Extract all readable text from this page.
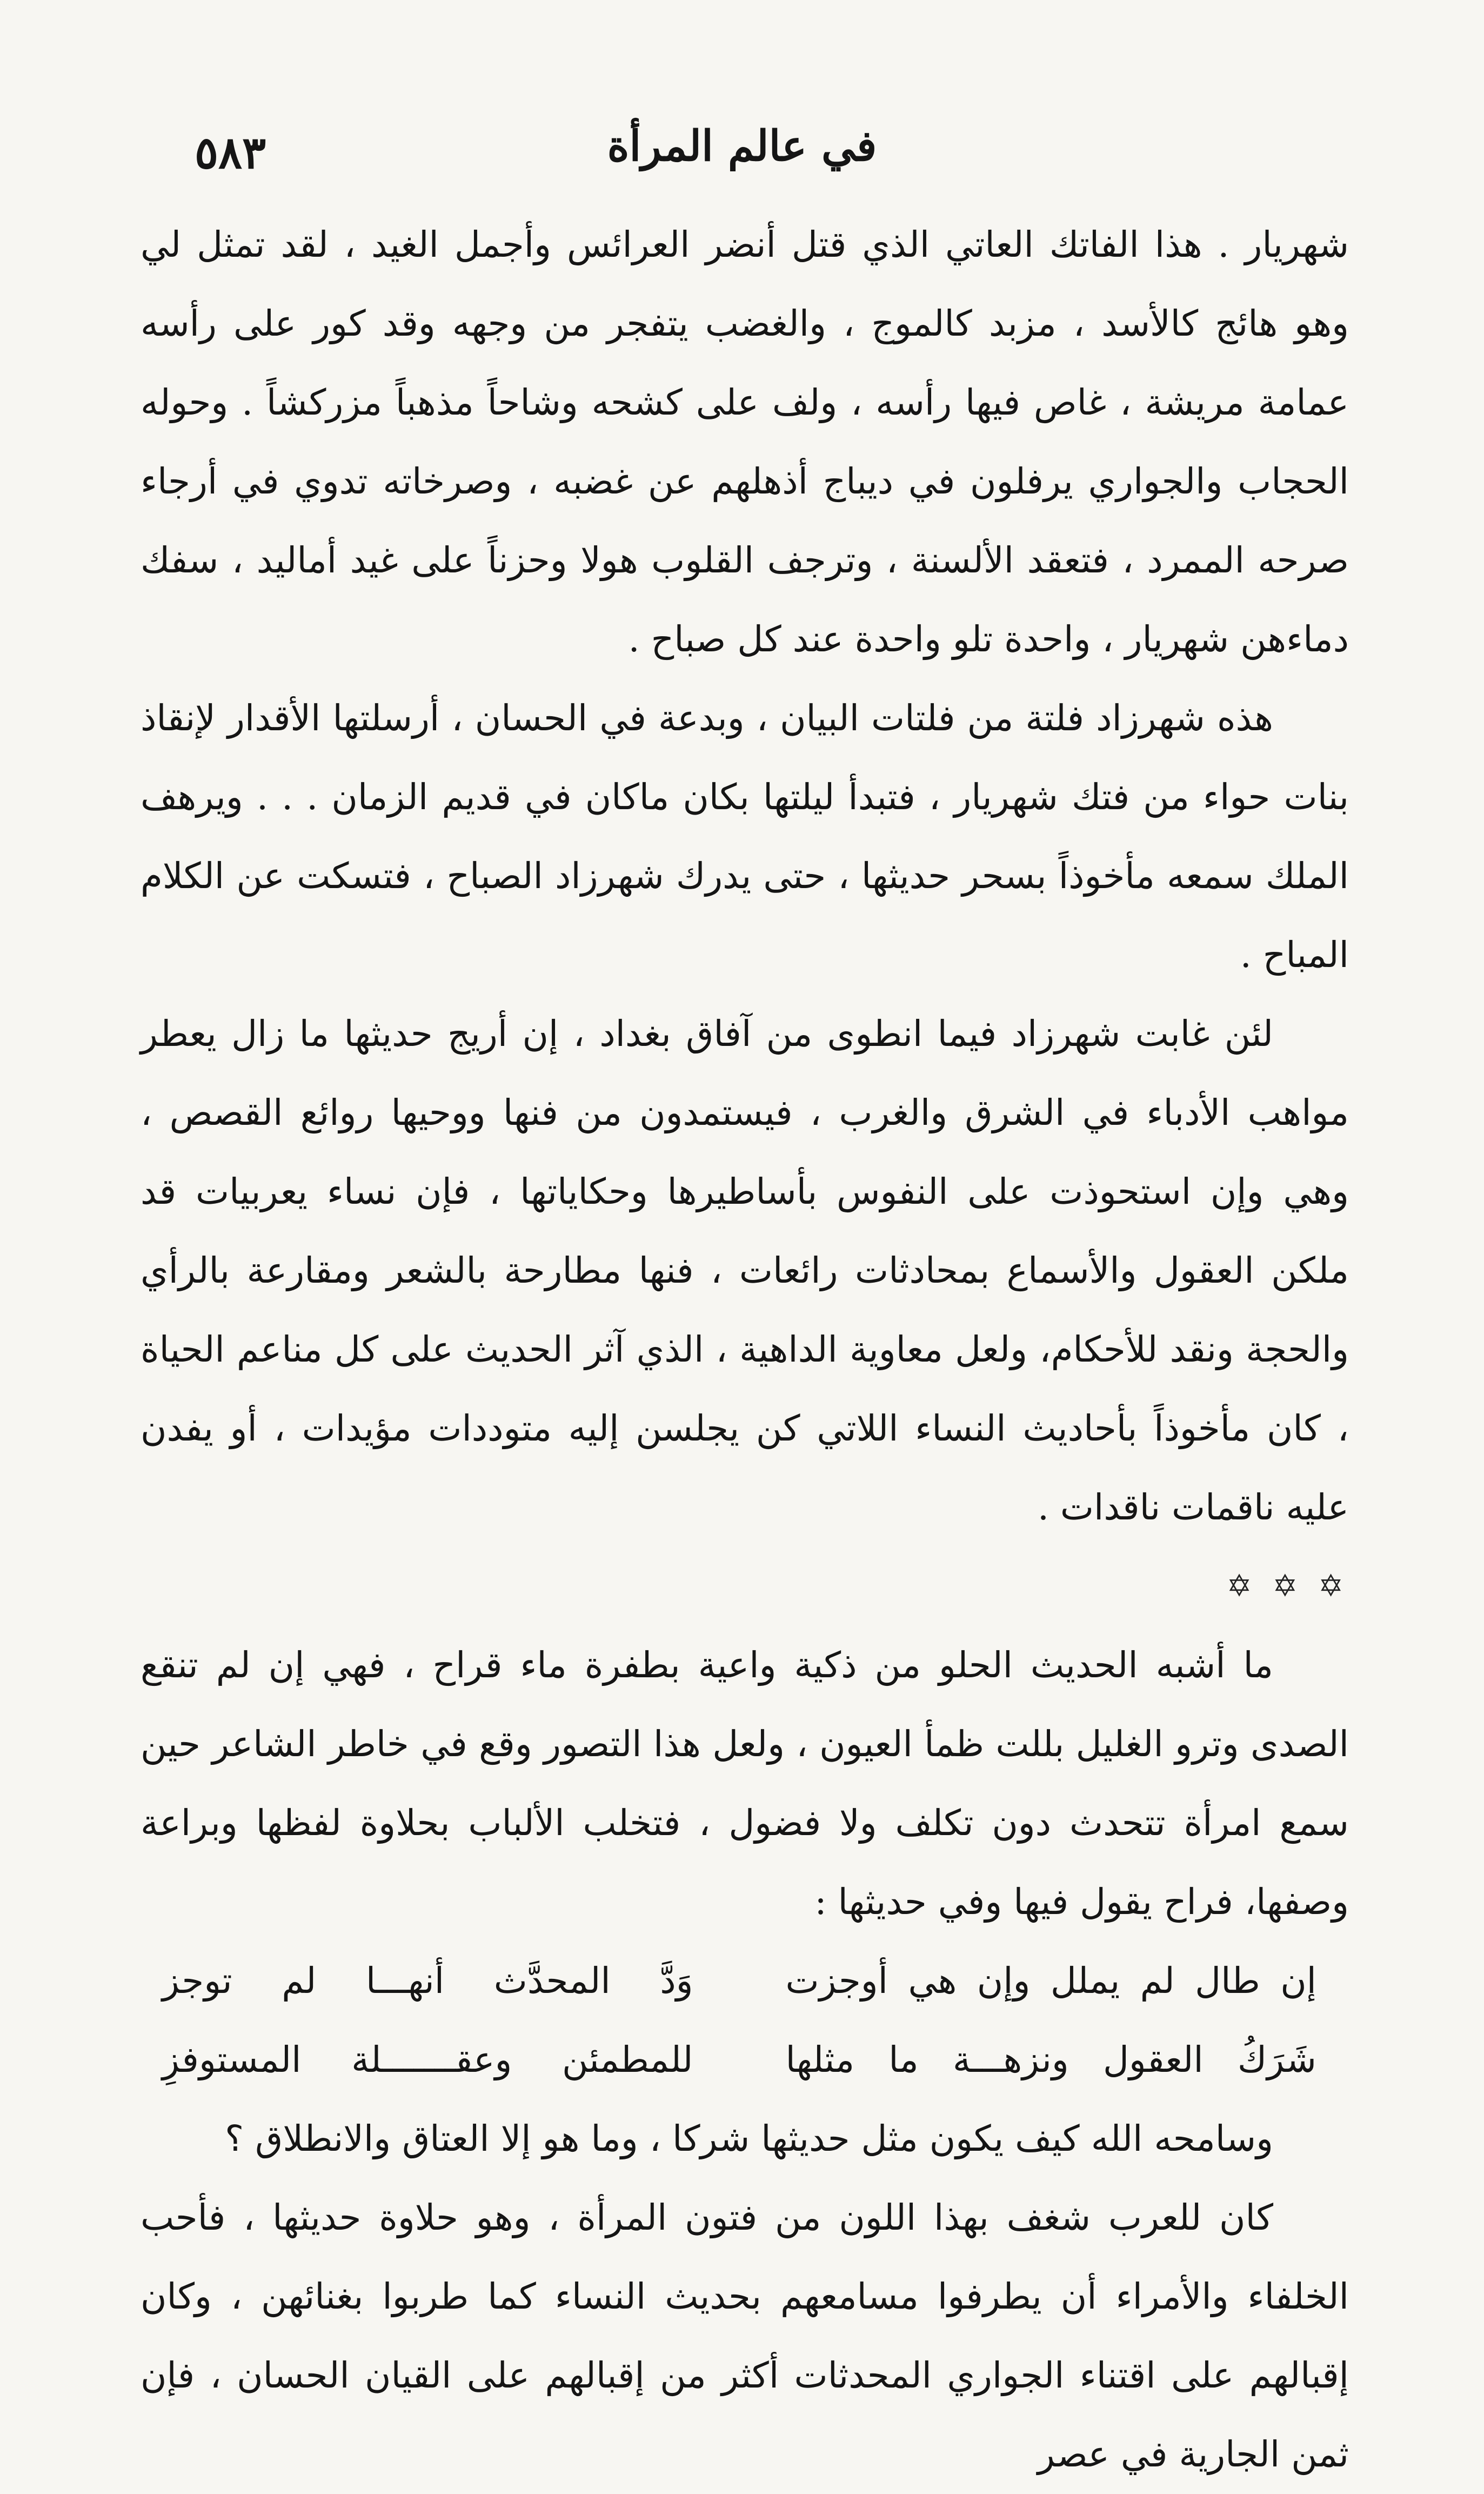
في عالم المرأة
٥٨٣

شهريار . هذا الفاتك العاتي الذي قتل أنضر العرائس وأجمل الغيد ، لقد تمثل لي وهو هائج كالأسد ، مزبد كالموج ، والغضب يتفجر من وجهه وقد كور على رأسه عمامة مريشة ، غاص فيها رأسه ، ولف على كشحه وشاحاً مذهباً مزركشاً . وحوله الحجاب والجواري يرفلون في ديباج أذهلهم عن غضبه ، وصرخاته تدوي في أرجاء صرحه الممرد ، فتعقد الألسنة ، وترجف القلوب هولا وحزناً على غيد أماليد ، سفك دماءهن شهريار ، واحدة تلو واحدة عند كل صباح .

هذه شهرزاد فلتة من فلتات البيان ، وبدعة في الحسان ، أرسلتها الأقدار لإنقاذ بنات حواء من فتك شهريار ، فتبدأ ليلتها بكان ماكان في قديم الزمان . . . ويرهف الملك سمعه مأخوذاً بسحر حديثها ، حتى يدرك شهرزاد الصباح ، فتسكت عن الكلام المباح .

لئن غابت شهرزاد فيما انطوى من آفاق بغداد ، إن أريج حديثها ما زال يعطر مواهب الأدباء في الشرق والغرب ، فيستمدون من فنها ووحيها روائع القصص ، وهي وإن استحوذت على النفوس بأساطيرها وحكاياتها ، فإن نساء يعربيات قد ملكن العقول والأسماع بمحادثات رائعات ، فنها مطارحة بالشعر ومقارعة بالرأي والحجة ونقد للأحكام، ولعل معاوية الداهية ، الذي آثر الحديث على كل مناعم الحياة ، كان مأخوذاً بأحاديث النساء اللاتي كن يجلسن إليه متوددات مؤيدات ، أو يفدن عليه ناقمات ناقدات .

✡ ✡ ✡

ما أشبه الحديث الحلو من ذكية واعية بطفرة ماء قراح ، فهي إن لم تنقع الصدى وترو الغليل بللت ظمأ العيون ، ولعل هذا التصور وقع في خاطر الشاعر حين سمع امرأة تتحدث دون تكلف ولا فضول ، فتخلب الألباب بحلاوة لفظها وبراعة وصفها، فراح يقول فيها وفي حديثها :

إن طال لم يملل وإن هي أوجزت
وَدَّ المحدَّث أنهـــا لم توجز
شَرَكُ العقول ونزهـــة ما مثلها
للمطمئن وعقـــــــلة المستوفزِ

وسامحه الله كيف يكون مثل حديثها شركا ، وما هو إلا العتاق والانطلاق ؟

كان للعرب شغف بهذا اللون من فتون المرأة ، وهو حلاوة حديثها ، فأحب الخلفاء والأمراء أن يطرفوا مسامعهم بحديث النساء كما طربوا بغنائهن ، وكان إقبالهم على اقتناء الجواري المحدثات أكثر من إقبالهم على القيان الحسان ، فإن ثمن الجارية في عصر
